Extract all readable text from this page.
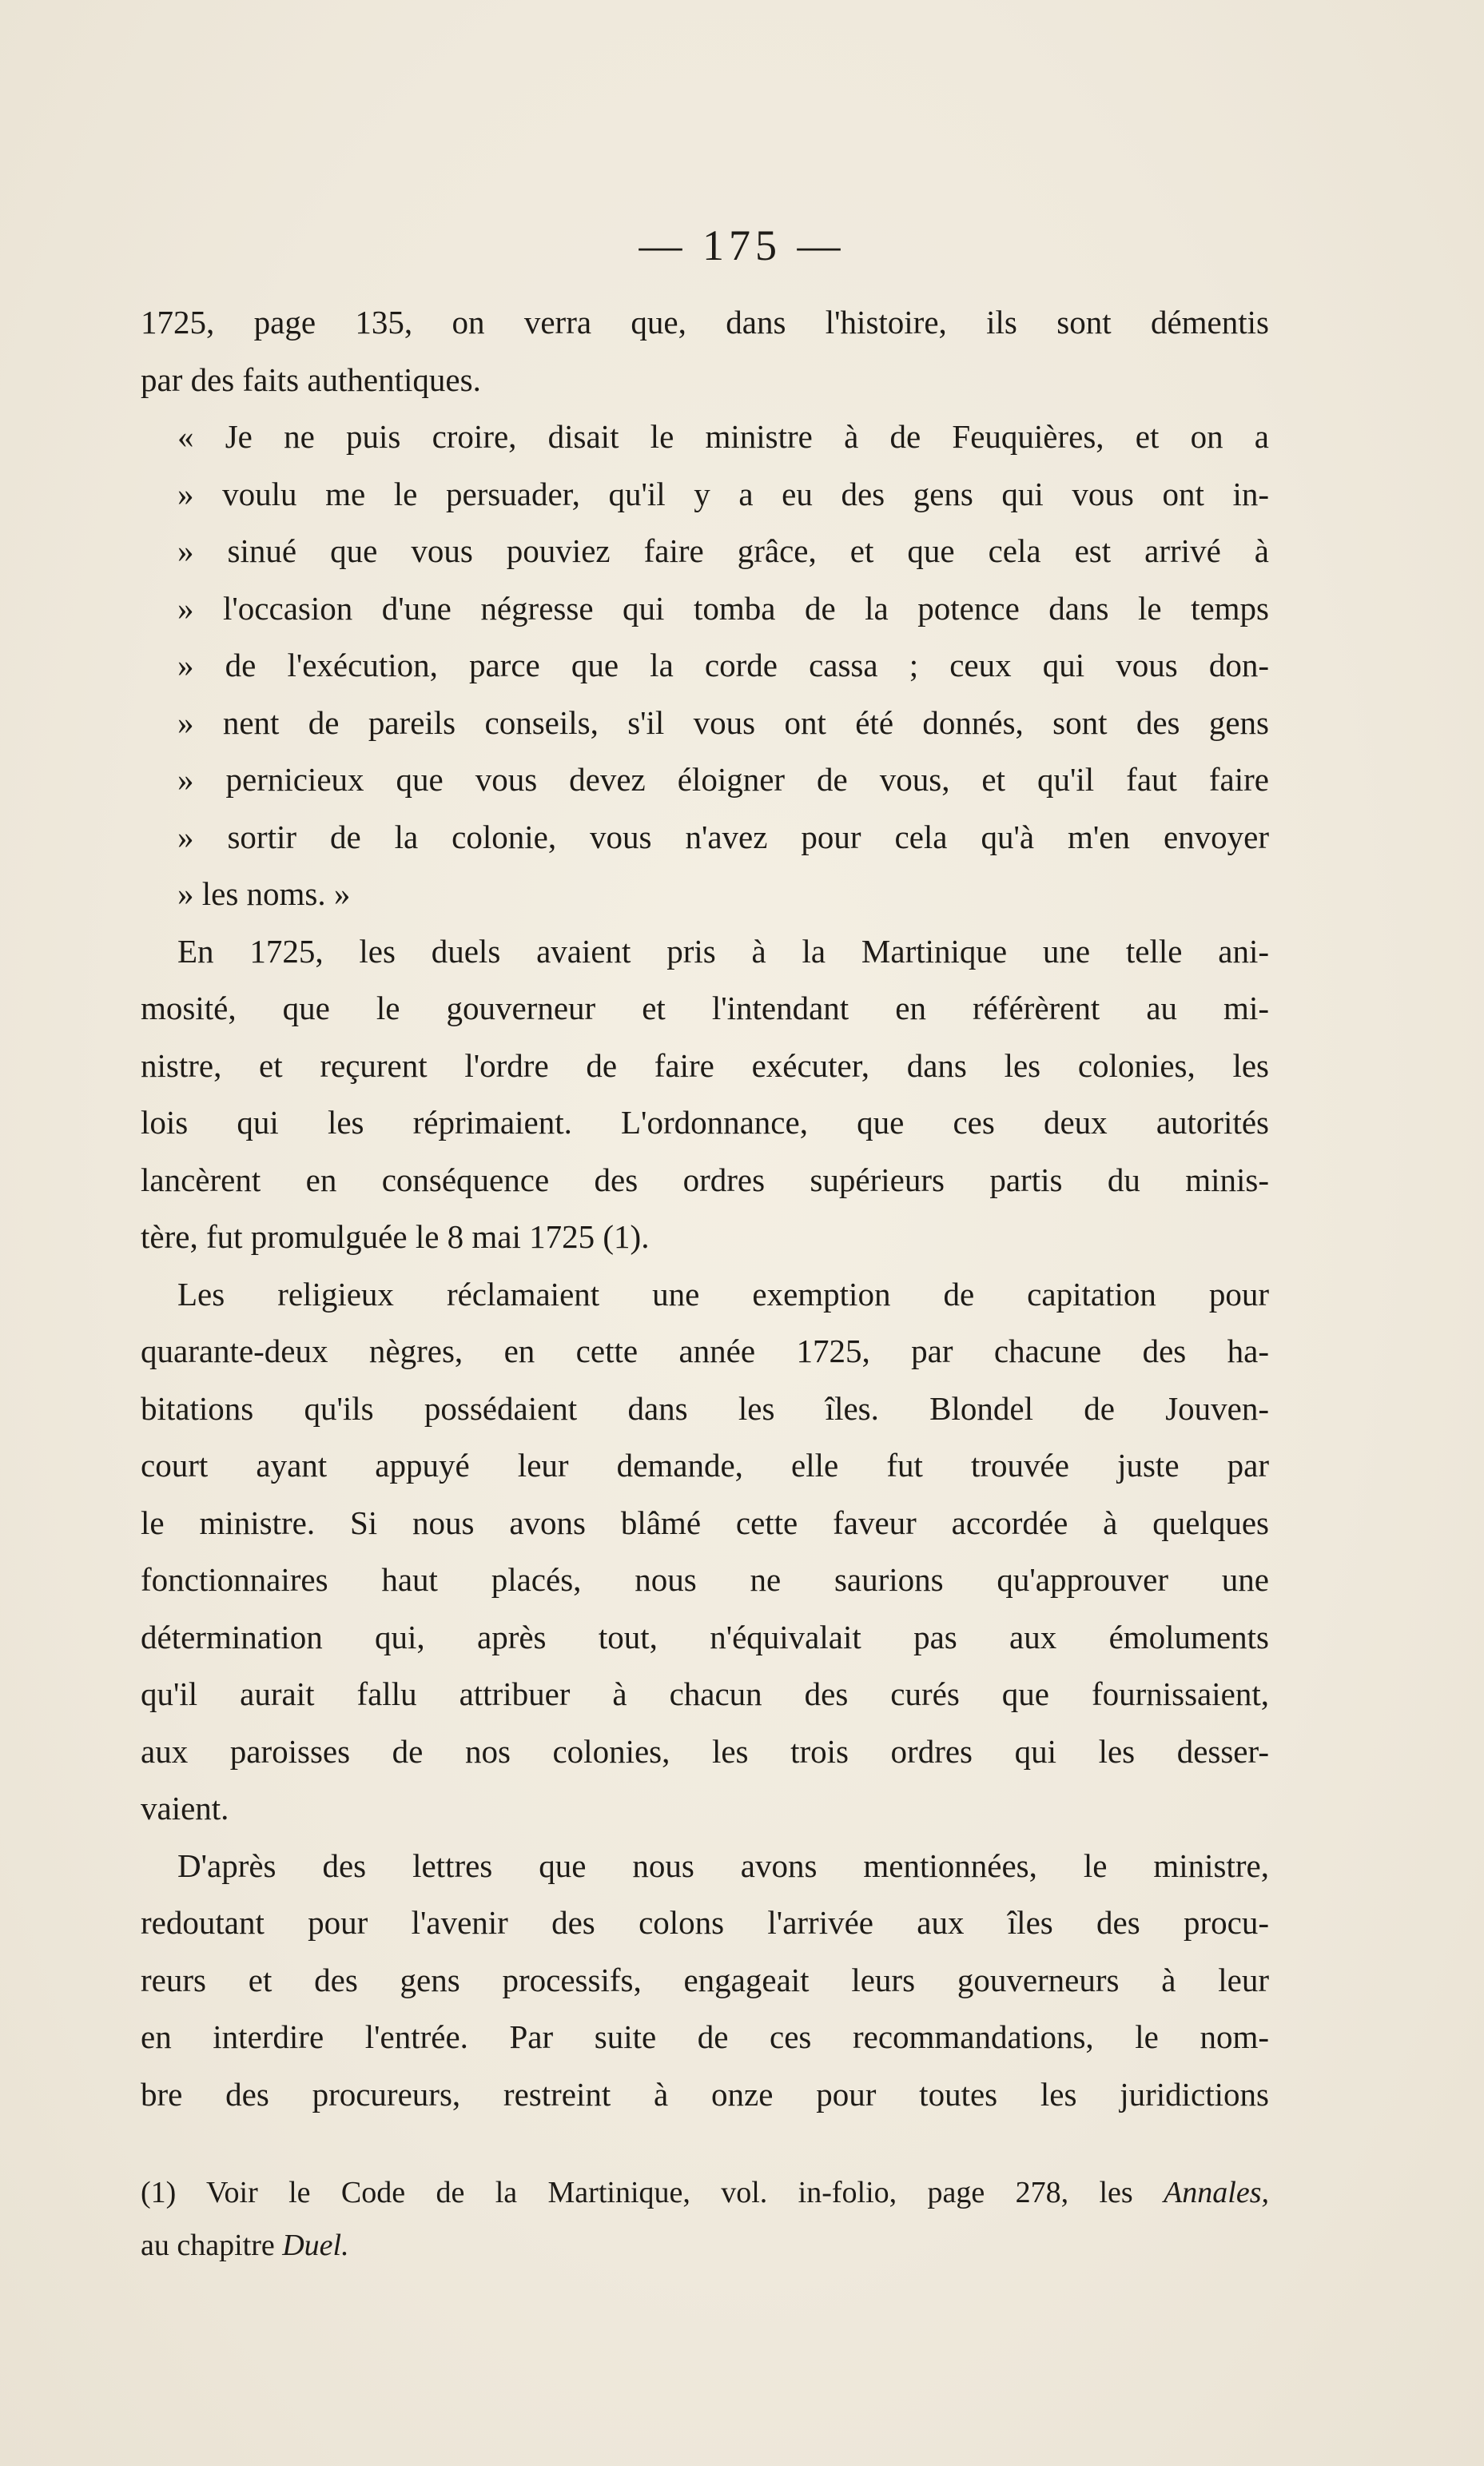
— 175 —
1725, page 135, on verra que, dans l'histoire, ils sont démentis
par des faits authentiques.
« Je ne puis croire, disait le ministre à de Feuquières, et on a
» voulu me le persuader, qu'il y a eu des gens qui vous ont in-
» sinué que vous pouviez faire grâce, et que cela est arrivé à
» l'occasion d'une négresse qui tomba de la potence dans le temps
» de l'exécution, parce que la corde cassa ; ceux qui vous don-
» nent de pareils conseils, s'il vous ont été donnés, sont des gens
» pernicieux que vous devez éloigner de vous, et qu'il faut faire
» sortir de la colonie, vous n'avez pour cela qu'à m'en envoyer
» les noms. »
En 1725, les duels avaient pris à la Martinique une telle ani-
mosité, que le gouverneur et l'intendant en référèrent au mi-
nistre, et reçurent l'ordre de faire exécuter, dans les colonies, les
lois qui les réprimaient. L'ordonnance, que ces deux autorités
lancèrent en conséquence des ordres supérieurs partis du minis-
tère, fut promulguée le 8 mai 1725 (1).
Les religieux réclamaient une exemption de capitation pour
quarante-deux nègres, en cette année 1725, par chacune des ha-
bitations qu'ils possédaient dans les îles. Blondel de Jouven-
court ayant appuyé leur demande, elle fut trouvée juste par
le ministre. Si nous avons blâmé cette faveur accordée à quelques
fonctionnaires haut placés, nous ne saurions qu'approuver une
détermination qui, après tout, n'équivalait pas aux émoluments
qu'il aurait fallu attribuer à chacun des curés que fournissaient,
aux paroisses de nos colonies, les trois ordres qui les desser-
vaient.
D'après des lettres que nous avons mentionnées, le ministre,
redoutant pour l'avenir des colons l'arrivée aux îles des procu-
reurs et des gens processifs, engageait leurs gouverneurs à leur
en interdire l'entrée. Par suite de ces recommandations, le nom-
bre des procureurs, restreint à onze pour toutes les juridictions
(1) Voir le Code de la Martinique, vol. in-folio, page 278, les Annales,
au chapitre Duel.
